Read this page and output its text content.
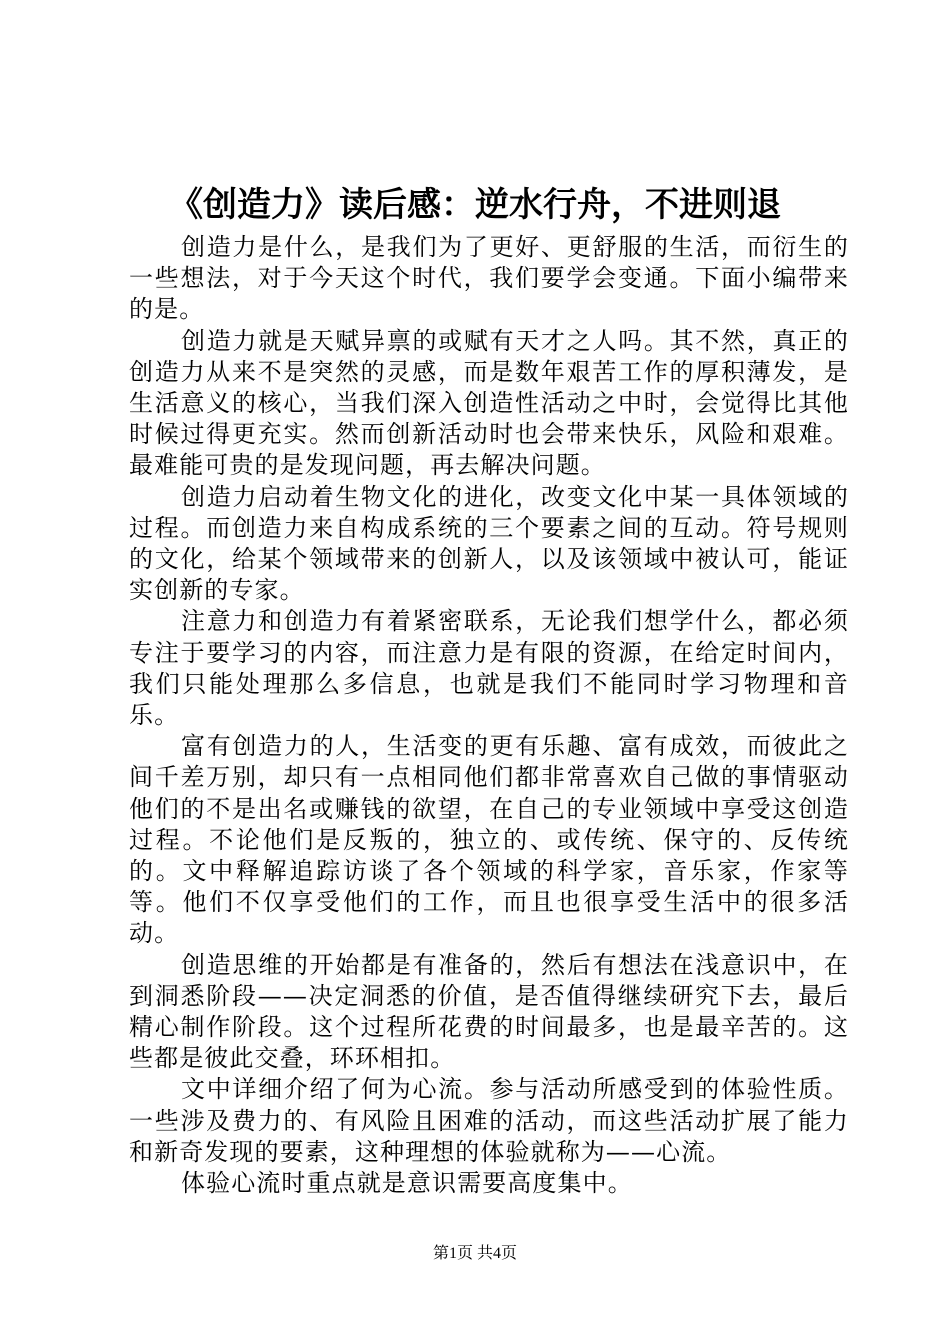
《创造力》读后感：逆水行舟，不进则退

创造力是什么，是我们为了更好、更舒服的生活，而衍生的一些想法，对于今天这个时代，我们要学会变通。下面小编带来的是。

创造力就是天赋异禀的或赋有天才之人吗。其不然，真正的创造力从来不是突然的灵感，而是数年艰苦工作的厚积薄发，是生活意义的核心，当我们深入创造性活动之中时，会觉得比其他时候过得更充实。然而创新活动时也会带来快乐，风险和艰难。最难能可贵的是发现问题，再去解决问题。

创造力启动着生物文化的进化，改变文化中某一具体领域的过程。而创造力来自构成系统的三个要素之间的互动。符号规则的文化，给某个领域带来的创新人，以及该领域中被认可，能证实创新的专家。

注意力和创造力有着紧密联系，无论我们想学什么，都必须专注于要学习的内容，而注意力是有限的资源，在给定时间内，我们只能处理那么多信息，也就是我们不能同时学习物理和音乐。

富有创造力的人，生活变的更有乐趣、富有成效，而彼此之间千差万别，却只有一点相同他们都非常喜欢自己做的事情驱动他们的不是出名或赚钱的欲望，在自己的专业领域中享受这创造过程。不论他们是反叛的，独立的、或传统、保守的、反传统的。文中释解追踪访谈了各个领域的科学家，音乐家，作家等等。他们不仅享受他们的工作，而且也很享受生活中的很多活动。

创造思维的开始都是有准备的，然后有想法在浅意识中，在到洞悉阶段——决定洞悉的价值，是否值得继续研究下去，最后精心制作阶段。这个过程所花费的时间最多，也是最辛苦的。这些都是彼此交叠，环环相扣。

文中详细介绍了何为心流。参与活动所感受到的体验性质。一些涉及费力的、有风险且困难的活动，而这些活动扩展了能力和新奇发现的要素，这种理想的体验就称为——心流。

体验心流时重点就是意识需要高度集中。

第1页 共4页
